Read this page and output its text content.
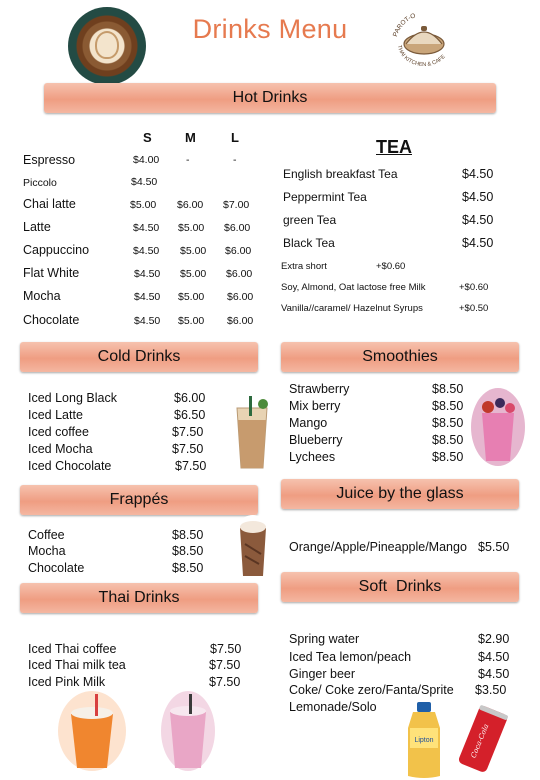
Drinks Menu	PAROT-O
THAI KITCHEN & CAFE
Hot Drinks
S	M	L
Espresso	$4.00	-	-
Piccolo	$4.50
Chai latte	$5.00 $6.00 $7.00
Latte	$4.50 $5.00 $6.00
Cappuccino	$4.50 $5.00 $6.00
Flat White	$4.50 $5.00 $6.00
Mocha	$4.50 $5.00 $6.00
Chocolate	$4.50 $5.00 $6.00
TEA
English breakfast Tea	$4.50
Peppermint Tea	$4.50
green Tea	$4.50
Black Tea	$4.50
Extra short	+$0.60
Soy, Almond, Oat lactose free Milk	+$0.60
Vanilla//caramel/ Hazelnut Syrups	+$0.50
Cold Drinks
Iced Long Black	$6.00
Iced Latte	$6.50
Iced coffee	$7.50
Iced Mocha	$7.50
Iced Chocolate	$7.50
Smoothies
Strawberry	$8.50
Mix berry	$8.50
Mango	$8.50
Blueberry	$8.50
Lychees	$8.50
Frappés
Coffee	$8.50
Mocha	$8.50
Chocolate	$8.50
Juice by the glass
Orange/Apple/Pineapple/Mango $5.50
Thai Drinks
Iced Thai coffee	$7.50
Iced Thai milk tea	$7.50
Iced Pink Milk	$7.50
Soft  Drinks
Spring water	$2.90
Iced Tea lemon/peach	$4.50
Ginger beer	$4.50
Coke/ Coke zero/Fanta/Sprite $3.50
Lemonade/Solo
Lipton	Coca-Cola
